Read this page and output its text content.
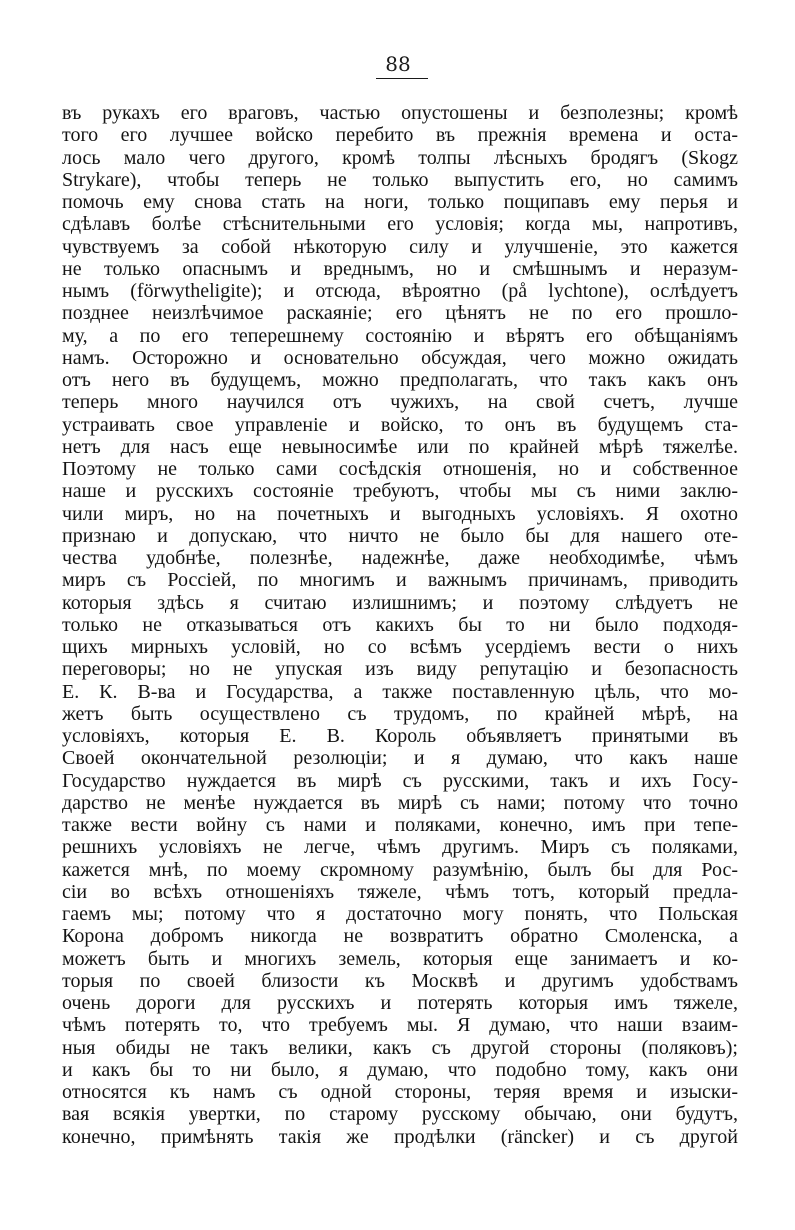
88
въ рукахъ его враговъ, частью опустошены и безполезны; кромѣ
того его лучшее войско перебито въ прежнія времена и оста-
лось мало чего другого, кромѣ толпы лѣсныхъ бродягъ (Skogz
Strykare), чтобы теперь не только выпустить его, но самимъ
помочь ему снова стать на ноги, только пощипавъ ему перья и
сдѣлавъ болѣе стѣснительными его условія; когда мы, напротивъ,
чувствуемъ за собой нѣкоторую силу и улучшеніе, это кажется
не только опаснымъ и вреднымъ, но и смѣшнымъ и неразум-
нымъ (förwytheligite); и отсюда, вѣроятно (på lychtone), ослѣдуетъ
позднее неизлѣчимое раскаяніе; его цѣнятъ не по его прошло-
му, а по его теперешнему состоянію и вѣрятъ его обѣщаніямъ
намъ. Осторожно и основательно обсуждая, чего можно ожидать
отъ него въ будущемъ, можно предполагать, что такъ какъ онъ
теперь много научился отъ чужихъ, на свой счетъ, лучше
устраивать свое управленіе и войско, то онъ въ будущемъ ста-
нетъ для насъ еще невыносимѣе или по крайней мѣрѣ тяжелѣе.
Поэтому не только сами сосѣдскія отношенія, но и собственное
наше и русскихъ состояніе требуютъ, чтобы мы съ ними заклю-
чили миръ, но на почетныхъ и выгодныхъ условіяхъ. Я охотно
признаю и допускаю, что ничто не было бы для нашего оте-
чества удобнѣе, полезнѣе, надежнѣе, даже необходимѣе, чѣмъ
миръ съ Россіей, по многимъ и важнымъ причинамъ, приводить
которыя здѣсь я считаю излишнимъ; и поэтому слѣдуетъ не
только не отказываться отъ какихъ бы то ни было подходя-
щихъ мирныхъ условій, но со всѣмъ усердіемъ вести о нихъ
переговоры; но не упуская изъ виду репутацію и безопасность
Е. К. В-ва и Государства, а также поставленную цѣль, что мо-
жетъ быть осуществлено съ трудомъ, по крайней мѣрѣ, на
условіяхъ, которыя Е. В. Король объявляетъ принятыми въ
Своей окончательной резолюціи; и я думаю, что какъ наше
Государство нуждается въ мирѣ съ русскими, такъ и ихъ Госу-
дарство не менѣе нуждается въ мирѣ съ нами; потому что точно
также вести войну съ нами и поляками, конечно, имъ при тепе-
решнихъ условіяхъ не легче, чѣмъ другимъ. Миръ съ поляками,
кажется мнѣ, по моему скромному разумѣнію, былъ бы для Рос-
сіи во всѣхъ отношеніяхъ тяжеле, чѣмъ тотъ, который предла-
гаемъ мы; потому что я достаточно могу понять, что Польская
Корона добромъ никогда не возвратитъ обратно Смоленска, а
можетъ быть и многихъ земель, которыя еще занимаетъ и ко-
торыя по своей близости къ Москвѣ и другимъ удобствамъ
очень дороги для русскихъ и потерять которыя имъ тяжеле,
чѣмъ потерять то, что требуемъ мы. Я думаю, что наши взаим-
ныя обиды не такъ велики, какъ съ другой стороны (поляковъ);
и какъ бы то ни было, я думаю, что подобно тому, какъ они
относятся къ намъ съ одной стороны, теряя время и изыски-
вая всякія увертки, по старому русскому обычаю, они будутъ,
конечно, примѣнять такія же продѣлки (räncker) и съ другой
